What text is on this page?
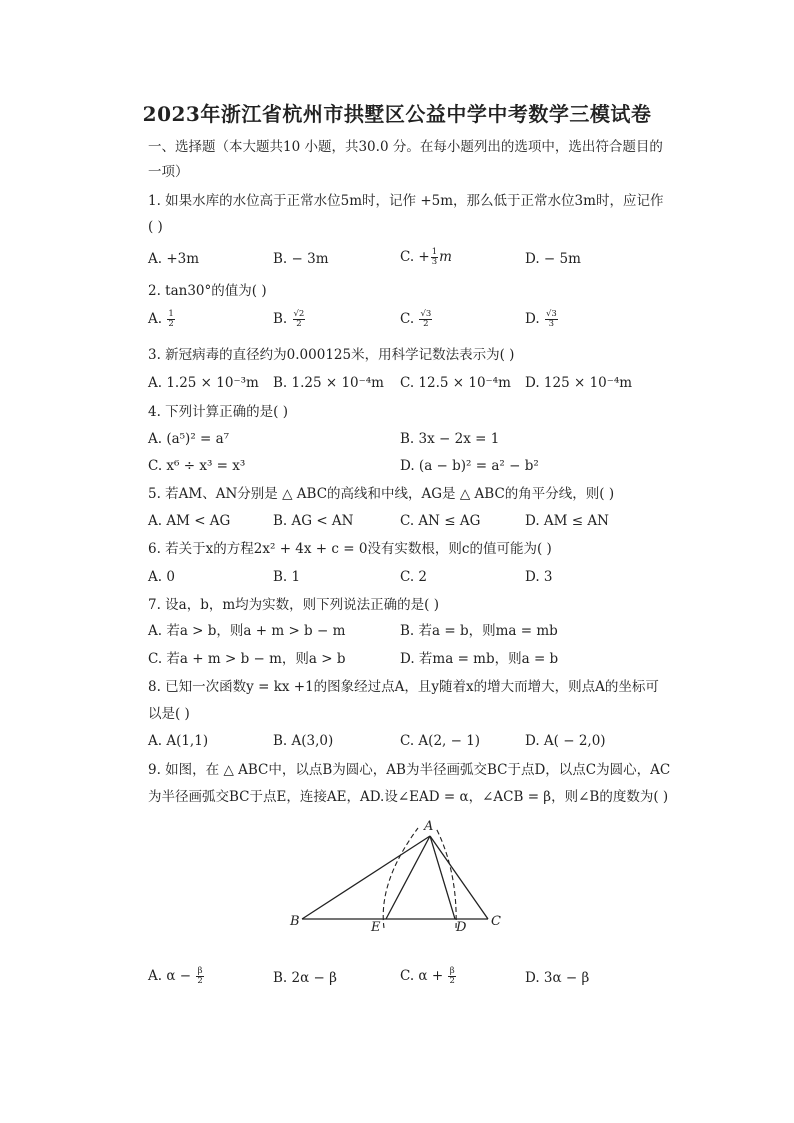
2023年浙江省杭州市拱墅区公益中学中考数学三模试卷
一、选择题（本大题共10 小题，共30.0 分。在每小题列出的选项中，选出符合题目的
一项）
1. 如果水库的水位高于正常水位5m时，记作 +5m，那么低于正常水位3m时，应记作
( )
A. +3m	B. − 3m	C. + $\frac{1}{3}$ m	D. − 5m
2. tan30°的值为( )
A. $\frac{1}{2}$	B. $\frac{√2}{2}$	C. $\frac{√3}{2}$	D. $\frac{√3}{3}$
3. 新冠病毒的直径约为0.000125米，用科学记数法表示为( )
A. 1.25 × 10⁻³m B. 1.25 × 10⁻⁴m C. 12.5 × 10⁻⁴m D. 125 × 10⁻⁴m
4. 下列计算正确的是( )
A. (a⁵)² = a⁷	B. 3x − 2x = 1
C. x⁶ ÷ x³ = x³	D. (a − b)² = a² − b²
5. 若AM、AN分别是 △ ABC的高线和中线，AG是 △ ABC的角平分线，则( )
A. AM < AG	B. AG < AN	C. AN ≤ AG	D. AM ≤ AN
6. 若关于x的方程2x² + 4x + c = 0没有实数根，则c的值可能为( )
A. 0	B. 1	C. 2	D. 3
7. 设a，b，m均为实数，则下列说法正确的是( )
A. 若a > b，则a + m > b − m	B. 若a = b，则ma = mb
C. 若a + m > b − m，则a > b	D. 若ma = mb，则a = b
8. 已知一次函数y = kx +1的图象经过点A，且y随着x的增大而增大，则点A的坐标可
以是( )
A. A(1,1)	B. A(3,0)	C. A(2, − 1)	D. A( − 2,0)
9. 如图，在 △ ABC中，以点B为圆心，AB为半径画弧交BC于点D，以点C为圆心，AC
为半径画弧交BC于点E，连接AE，AD.设∠EAD = α，∠ACB = β，则∠B的度数为( )
A
B	C
D
E
A. $\alpha - \frac{\beta}{2}$	B. 2α − β	C. $\alpha + \frac{\beta}{2}$	D. 3α − β
